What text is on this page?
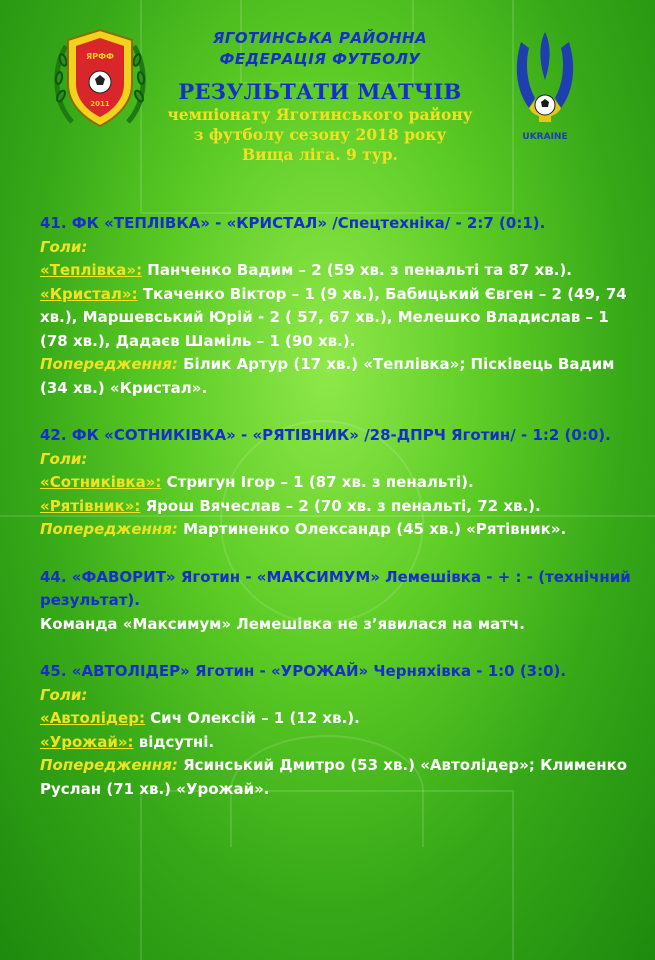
ЯРФФ
2011
UKRAINE
ЯГОТИНСЬКА РАЙОННА
ФЕДЕРАЦІЯ ФУТБОЛУ
РЕЗУЛЬТАТИ МАТЧІВ
чемпіонату Яготинського району
з футболу сезону 2018 року
Вища ліга. 9 тур.
41. ФК «ТЕПЛІВКА» - «КРИСТАЛ» /Спецтехніка/ - 2:7 (0:1).
Голи:
«Теплівка»: Панченко Вадим – 2 (59 хв. з пенальті та 87 хв.).
«Кристал»: Ткаченко Віктор – 1 (9 хв.), Бабицький Євген – 2 (49, 74 хв.), Маршевський Юрій - 2 ( 57, 67 хв.), Мелешко Владислав – 1 (78 хв.), Дадаєв Шаміль – 1 (90 хв.).
Попередження: Білик Артур (17 хв.) «Теплівка»; Пісківець Вадим (34 хв.) «Кристал».
42. ФК «СОТНИКІВКА» - «РЯТІВНИК» /28-ДПРЧ Яготин/ - 1:2 (0:0).
Голи:
«Сотниківка»: Стригун Ігор – 1 (87 хв. з пенальті).
«Рятівник»: Ярош Вячеслав – 2 (70 хв. з пенальті, 72 хв.).
Попередження: Мартиненко Олександр (45 хв.) «Рятівник».
44. «ФАВОРИТ» Яготин - «МАКСИМУМ» Лемешівка - + : - (технічний результат).
Команда «Максимум» Лемешівка не з’явилася на матч.
45. «АВТОЛІДЕР» Яготин - «УРОЖАЙ» Черняхівка - 1:0 (3:0).
Голи:
«Автолідер: Сич Олексій – 1 (12 хв.).
«Урожай»: відсутні.
Попередження: Ясинський Дмитро (53 хв.) «Автолідер»; Клименко Руслан (71 хв.) «Урожай».
